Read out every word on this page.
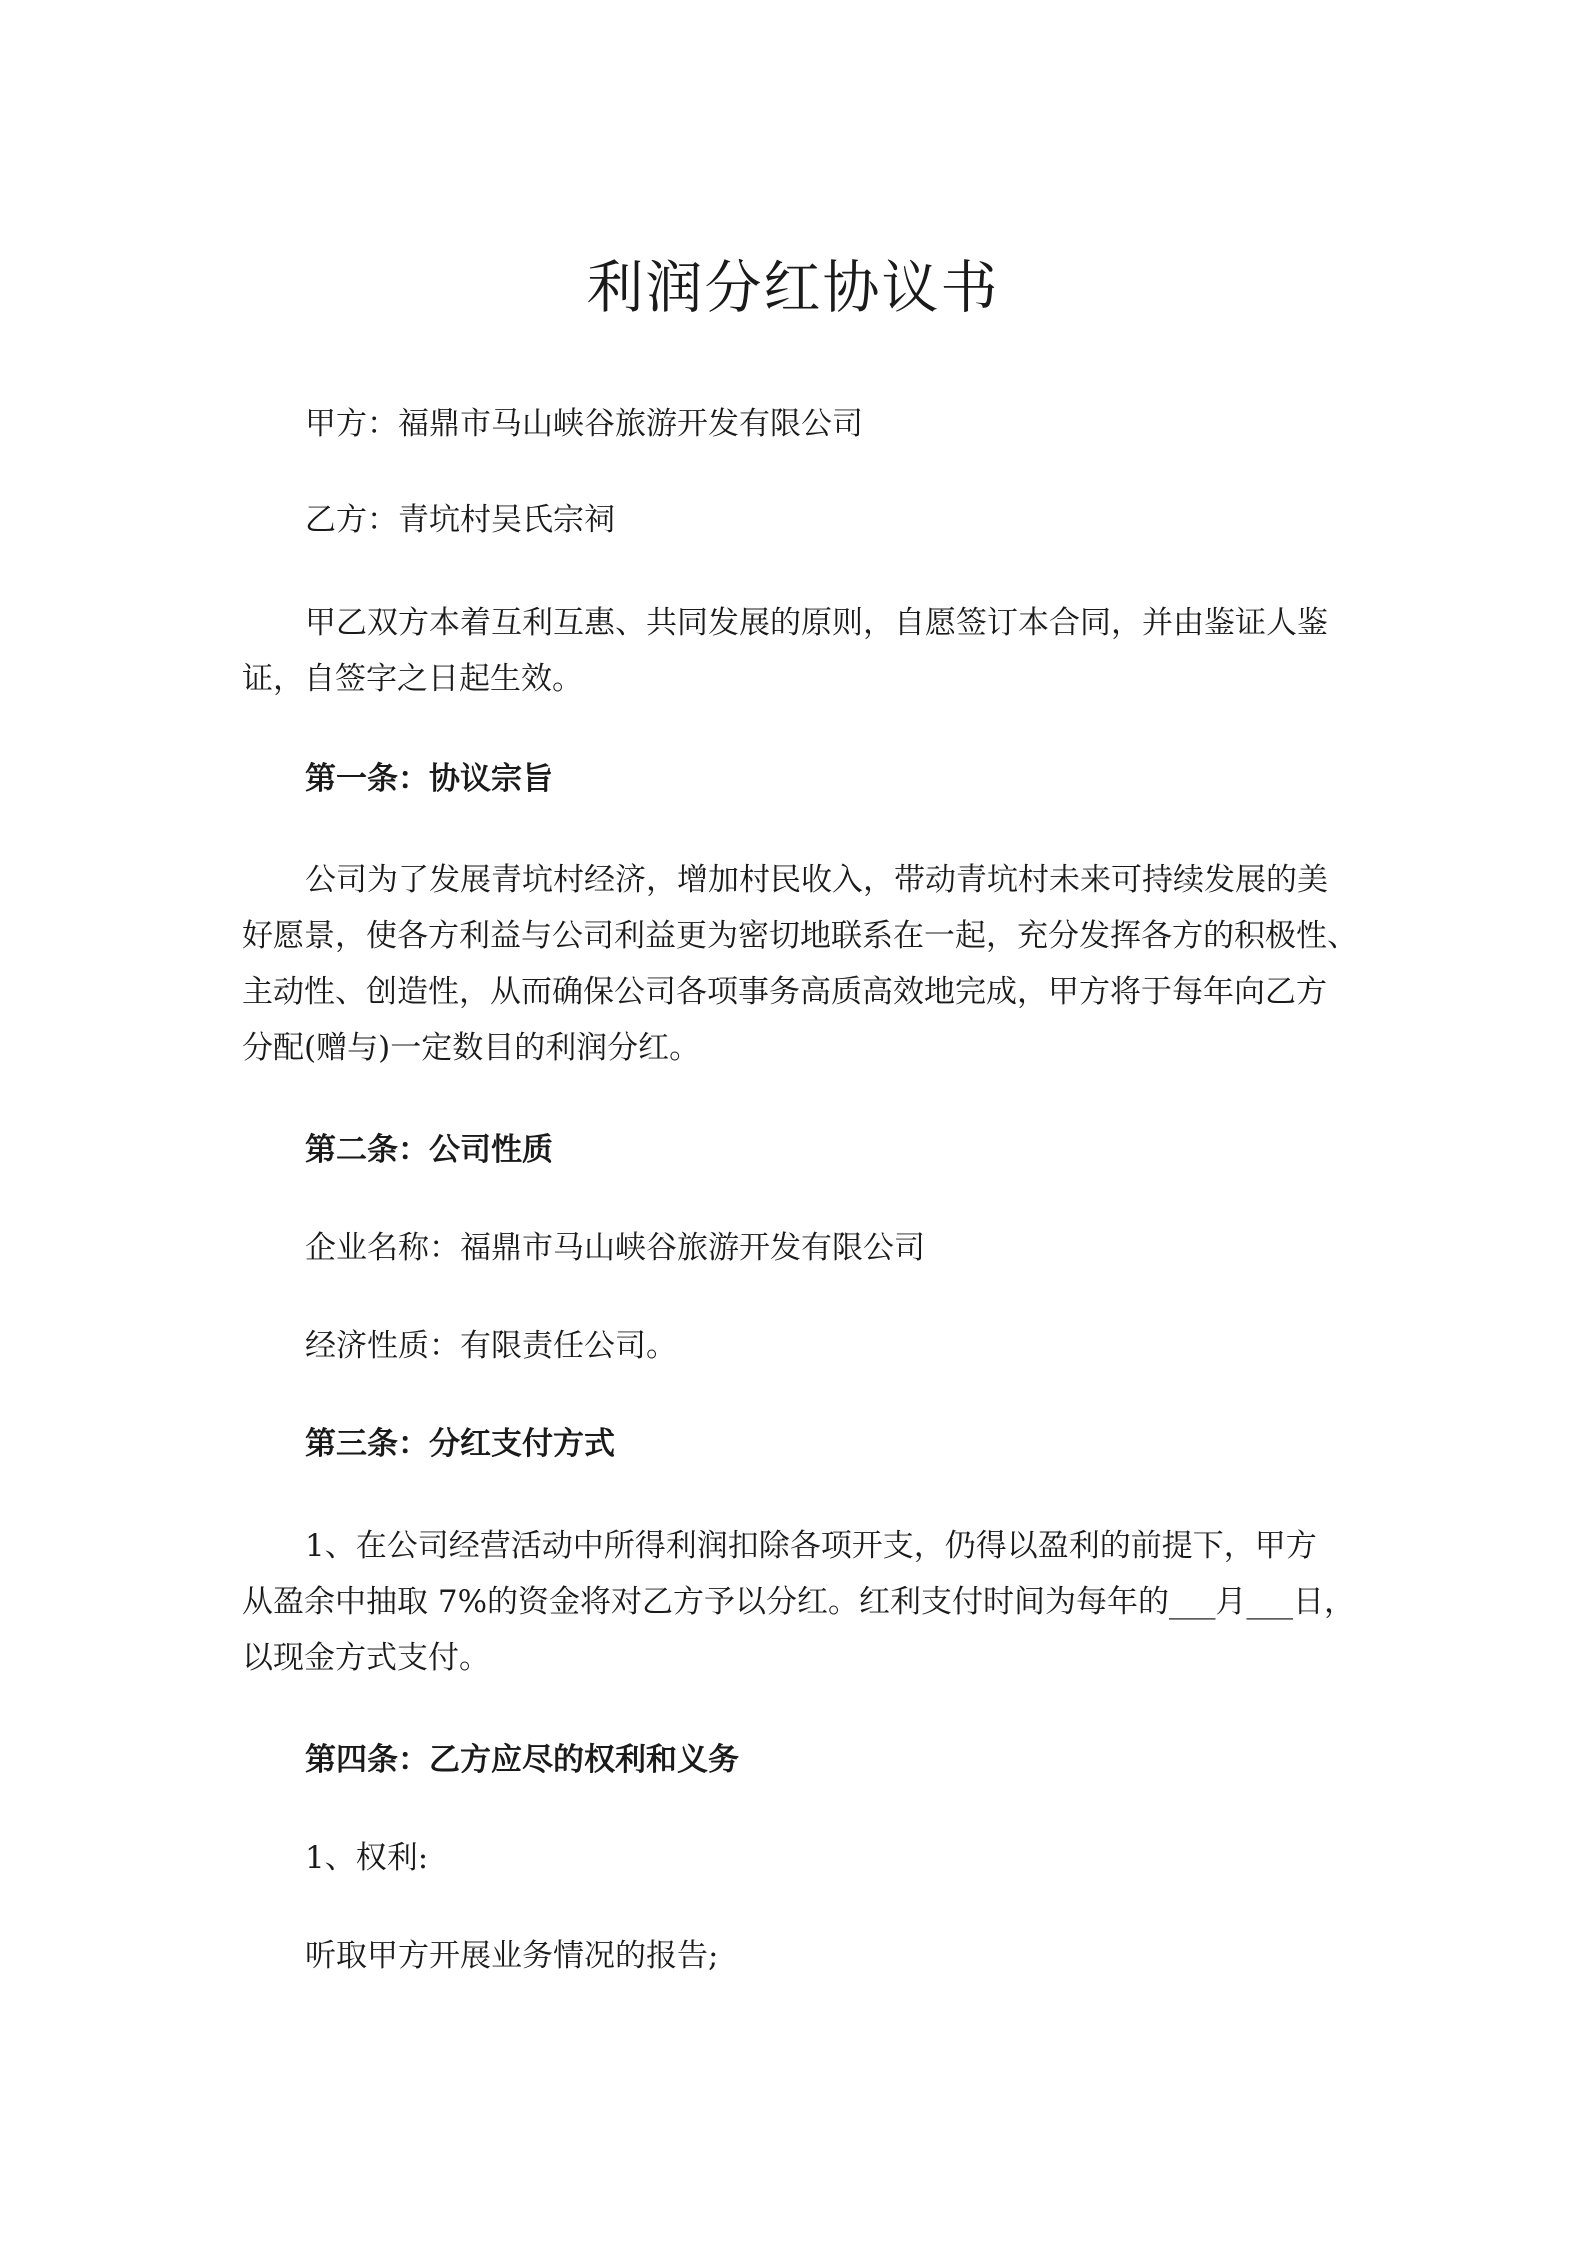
利润分红协议书

甲方：福鼎市马山峡谷旅游开发有限公司

乙方：青坑村吴氏宗祠

甲乙双方本着互利互惠、共同发展的原则，自愿签订本合同，并由鉴证人鉴

证，自签字之日起生效。

第一条：协议宗旨

公司为了发展青坑村经济，增加村民收入，带动青坑村未来可持续发展的美

好愿景，使各方利益与公司利益更为密切地联系在一起，充分发挥各方的积极性、

主动性、创造性，从而确保公司各项事务高质高效地完成，甲方将于每年向乙方

分配(赠与)一定数目的利润分红。

第二条：公司性质

企业名称：福鼎市马山峡谷旅游开发有限公司

经济性质：有限责任公司。

第三条：分红支付方式

1、在公司经营活动中所得利润扣除各项开支，仍得以盈利的前提下，甲方

从盈余中抽取 7%的资金将对乙方予以分红。红利支付时间为每年的___月___日，

以现金方式支付。

第四条：乙方应尽的权利和义务

1、权利:

听取甲方开展业务情况的报告;
